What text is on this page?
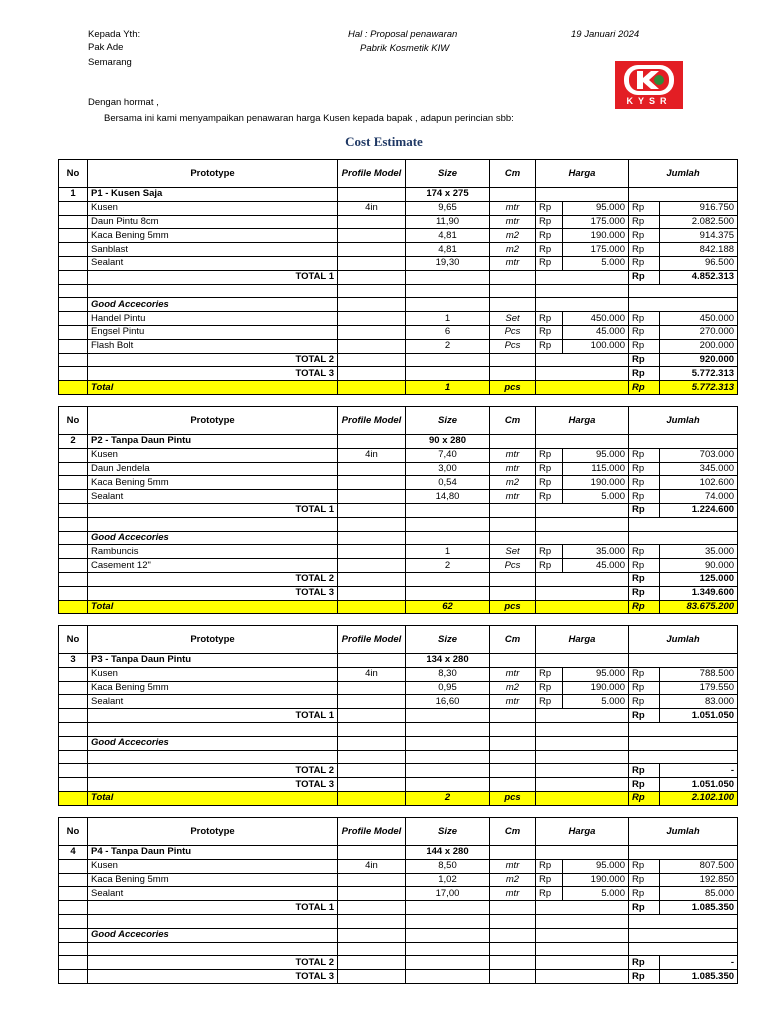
Kepada Yth:
Pak Ade
Semarang
Hal : Proposal penawaran
Pabrik Kosmetik KIW
19 Januari 2024
KYSR
Dengan hormat ,
Bersama ini kami menyampaikan penawaran harga Kusen kepada bapak , adapun perincian sbb:
Cost Estimate
No	Prototype	Profile Model	Size	Cm	Harga		Jumlah	
1	P1 - Kusen Saja		174 x 275					
	Kusen	4in	9,65	mtr	Rp	95.000	Rp	916.750
	Daun Pintu 8cm		11,90	mtr	Rp	175.000	Rp	2.082.500
	Kaca Bening 5mm		4,81	m2	Rp	190.000	Rp	914.375
	Sanblast		4,81	m2	Rp	175.000	Rp	842.188
	Sealant		19,30	mtr	Rp	5.000	Rp	96.500
	TOTAL 1						Rp	4.852.313

	Good Accecories							
	Handel Pintu		1	Set	Rp	450.000	Rp	450.000
	Engsel Pintu		6	Pcs	Rp	45.000	Rp	270.000
	Flash Bolt		2	Pcs	Rp	100.000	Rp	200.000
	TOTAL 2						Rp	920.000
	TOTAL 3						Rp	5.772.313
	Total		1	pcs			Rp	5.772.313
No	Prototype	Profile Model	Size	Cm	Harga		Jumlah	
2	P2 - Tanpa Daun Pintu		90 x 280					
	Kusen	4in	7,40	mtr	Rp	95.000	Rp	703.000
	Daun Jendela		3,00	mtr	Rp	115.000	Rp	345.000
	Kaca Bening 5mm		0,54	m2	Rp	190.000	Rp	102.600
	Sealant		14,80	mtr	Rp	5.000	Rp	74.000
	TOTAL 1						Rp	1.224.600

	Good Accecories							
	Rambuncis		1	Set	Rp	35.000	Rp	35.000
	Casement 12"		2	Pcs	Rp	45.000	Rp	90.000
	TOTAL 2						Rp	125.000
	TOTAL 3						Rp	1.349.600
	Total		62	pcs			Rp	83.675.200
No	Prototype	Profile Model	Size	Cm	Harga		Jumlah	
3	P3 - Tanpa Daun Pintu		134 x 280					
	Kusen	4in	8,30	mtr	Rp	95.000	Rp	788.500
	Kaca Bening 5mm		0,95	m2	Rp	190.000	Rp	179.550
	Sealant		16,60	mtr	Rp	5.000	Rp	83.000
	TOTAL 1						Rp	1.051.050

	Good Accecories							

	TOTAL 2						Rp	-
	TOTAL 3						Rp	1.051.050
	Total		2	pcs			Rp	2.102.100
No	Prototype	Profile Model	Size	Cm	Harga		Jumlah	
4	P4 - Tanpa Daun Pintu		144 x 280					
	Kusen	4in	8,50	mtr	Rp	95.000	Rp	807.500
	Kaca Bening 5mm		1,02	m2	Rp	190.000	Rp	192.850
	Sealant		17,00	mtr	Rp	5.000	Rp	85.000
	TOTAL 1						Rp	1.085.350

	Good Accecories							

	TOTAL 2						Rp	-
	TOTAL 3						Rp	1.085.350
